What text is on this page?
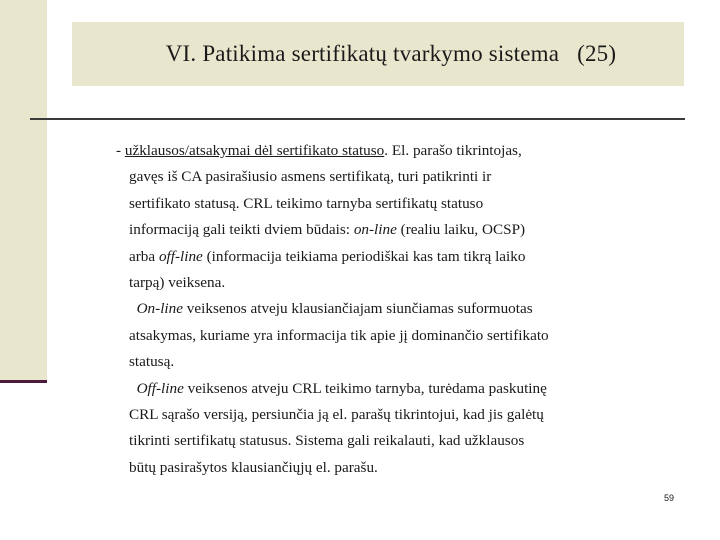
VI. Patikima sertifikatų tvarkymo sistema (25)

- užklausos/atsakymai dėl sertifikato statuso. El. parašo tikrintojas,

gavęs iš CA pasirašiusio asmens sertifikatą, turi patikrinti ir
sertifikato statusą. CRL teikimo tarnyba sertifikatų statuso
informaciją gali teikti dviem būdais: on-line (realiu laiku, OCSP)
arba off-line (informacija teikiama periodiškai kas tam tikrą laiko
tarpą) veiksena.
On-line veiksenos atveju klausiančiajam siunčiamas suformuotas
atsakymas, kuriame yra informacija tik apie jį dominančio sertifikato
statusą.
Off-line veiksenos atveju CRL teikimo tarnyba, turėdama paskutinę
CRL sąrašo versiją, persiunčia ją el. parašų tikrintojui, kad jis galėtų
tikrinti sertifikatų statusus. Sistema gali reikalauti, kad užklausos
būtų pasirašytos klausiančiųjų el. parašu.
59
